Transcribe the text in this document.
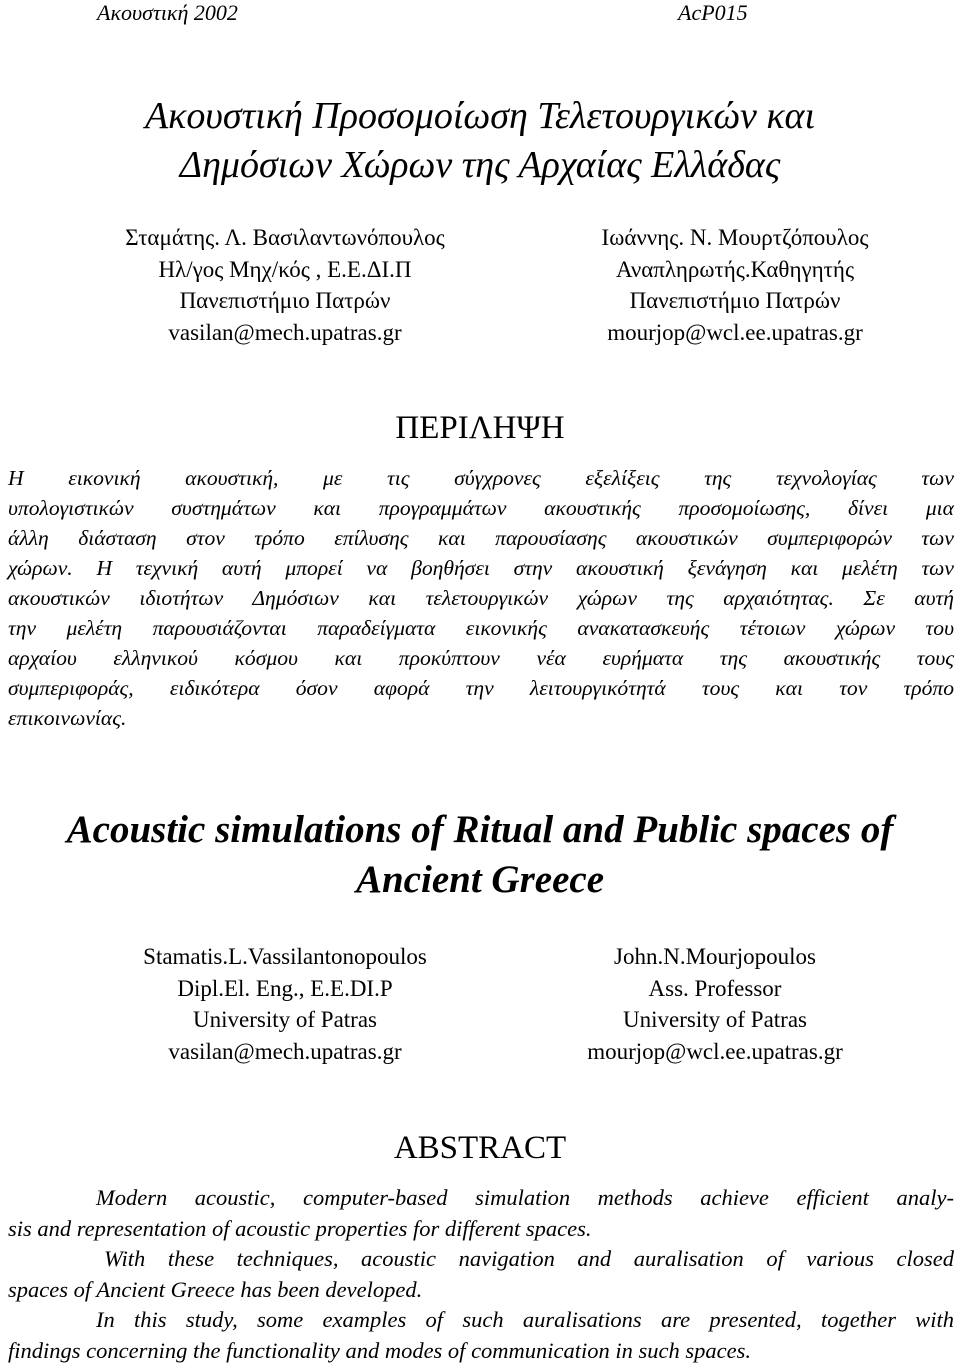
Ακουστική 2002	AcP015
Ακουστική Προσομοίωση Τελετουργικών και
Δημόσιων Χώρων της Αρχαίας Ελλάδας
Σταμάτης. Λ. Βασιλαντωνόπουλος
Ηλ/γος Μηχ/κός , Ε.Ε.ΔΙ.Π
Πανεπιστήμιο Πατρών
vasilan@mech.upatras.gr
Ιωάννης. Ν. Μουρτζόπουλος
Αναπληρωτής.Καθηγητής
Πανεπιστήμιο Πατρών
mourjop@wcl.ee.upatras.gr
ΠΕΡΙΛΗΨΗ
Η εικονική ακουστική, με τις σύγχρονες εξελίξεις της τεχνολογίας των
υπολογιστικών συστημάτων και προγραμμάτων ακουστικής προσομοίωσης, δίνει μια
άλλη διάσταση στον τρόπο επίλυσης και παρουσίασης ακουστικών συμπεριφορών των
χώρων. Η τεχνική αυτή μπορεί να βοηθήσει στην ακουστική ξενάγηση και μελέτη των
ακουστικών ιδιοτήτων Δημόσιων και τελετουργικών χώρων της αρχαιότητας. Σε αυτή
την μελέτη παρουσιάζονται παραδείγματα εικονικής ανακατασκευής τέτοιων χώρων του
αρχαίου ελληνικού κόσμου και προκύπτουν νέα ευρήματα της ακουστικής τους
συμπεριφοράς, ειδικότερα όσον αφορά την λειτουργικότητά τους και τον τρόπο
επικοινωνίας.
Acoustic simulations of Ritual and Public spaces of
Ancient Greece
Stamatis.L.Vassilantonopoulos
Dipl.El. Eng., E.E.DI.P
University of Patras
vasilan@mech.upatras.gr
John.N.Mourjopoulos
Ass. Professor
University of Patras
mourjop@wcl.ee.upatras.gr
ABSTRACT
Modern acoustic, computer-based simulation methods achieve efficient analy-
sis and representation of acoustic properties for different spaces.
With these techniques, acoustic navigation and auralisation of various closed
spaces of Ancient Greece has been developed.
In this study, some examples of such auralisations are presented, together with
findings concerning the functionality and modes of communication in such spaces.
